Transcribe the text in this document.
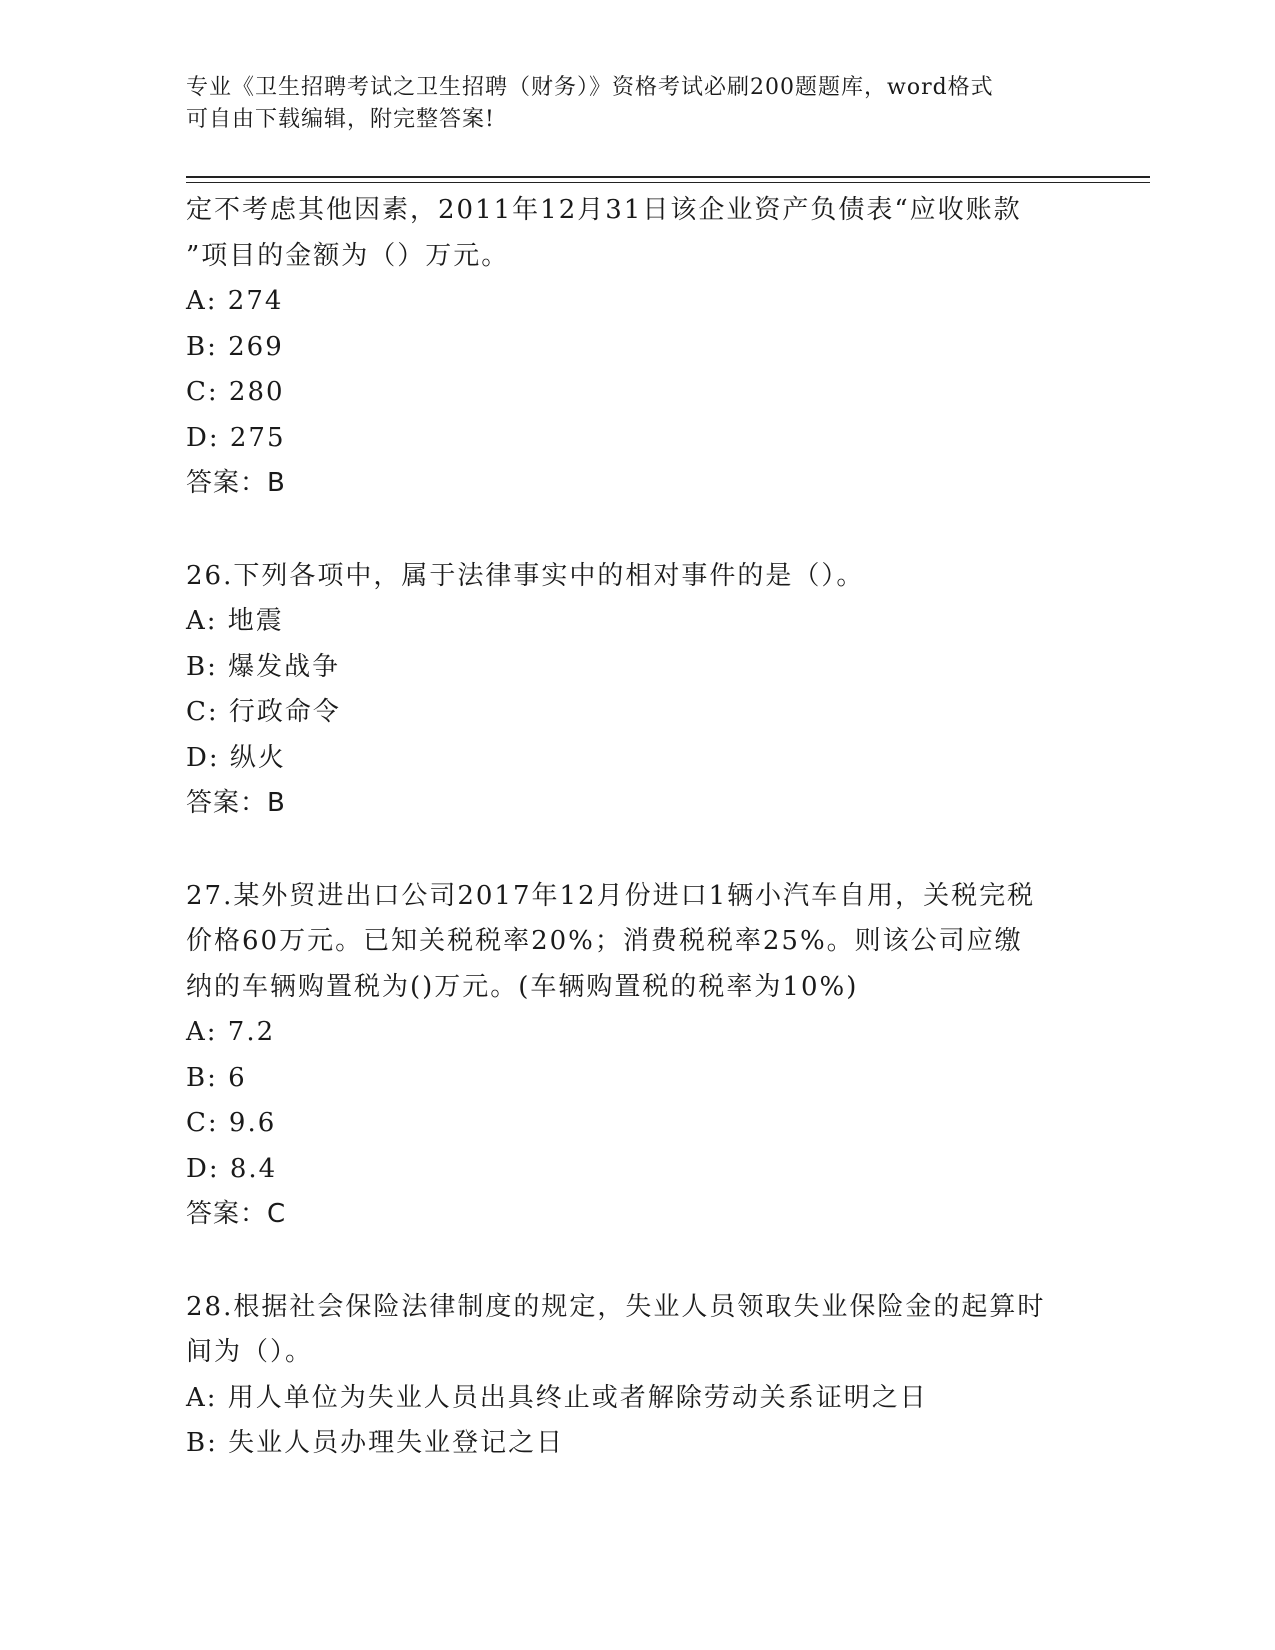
专业《卫生招聘考试之卫生招聘（财务）》资格考试必刷200题题库，word格式
可自由下载编辑，附完整答案!
定不考虑其他因素，2011年12月31日该企业资产负债表“应收账款
”项目的金额为（）万元。
A: 274
B: 269
C: 280
D: 275
答案：B
26.下列各项中，属于法律事实中的相对事件的是（）。
A: 地震
B: 爆发战争
C: 行政命令
D: 纵火
答案：B
27.某外贸进出口公司2017年12月份进口1辆小汽车自用，关税完税
价格60万元。已知关税税率20%；消费税税率25%。则该公司应缴
纳的车辆购置税为()万元。(车辆购置税的税率为10%)
A: 7.2
B: 6
C: 9.6
D: 8.4
答案：C
28.根据社会保险法律制度的规定，失业人员领取失业保险金的起算时
间为（）。
A: 用人单位为失业人员出具终止或者解除劳动关系证明之日
B: 失业人员办理失业登记之日
